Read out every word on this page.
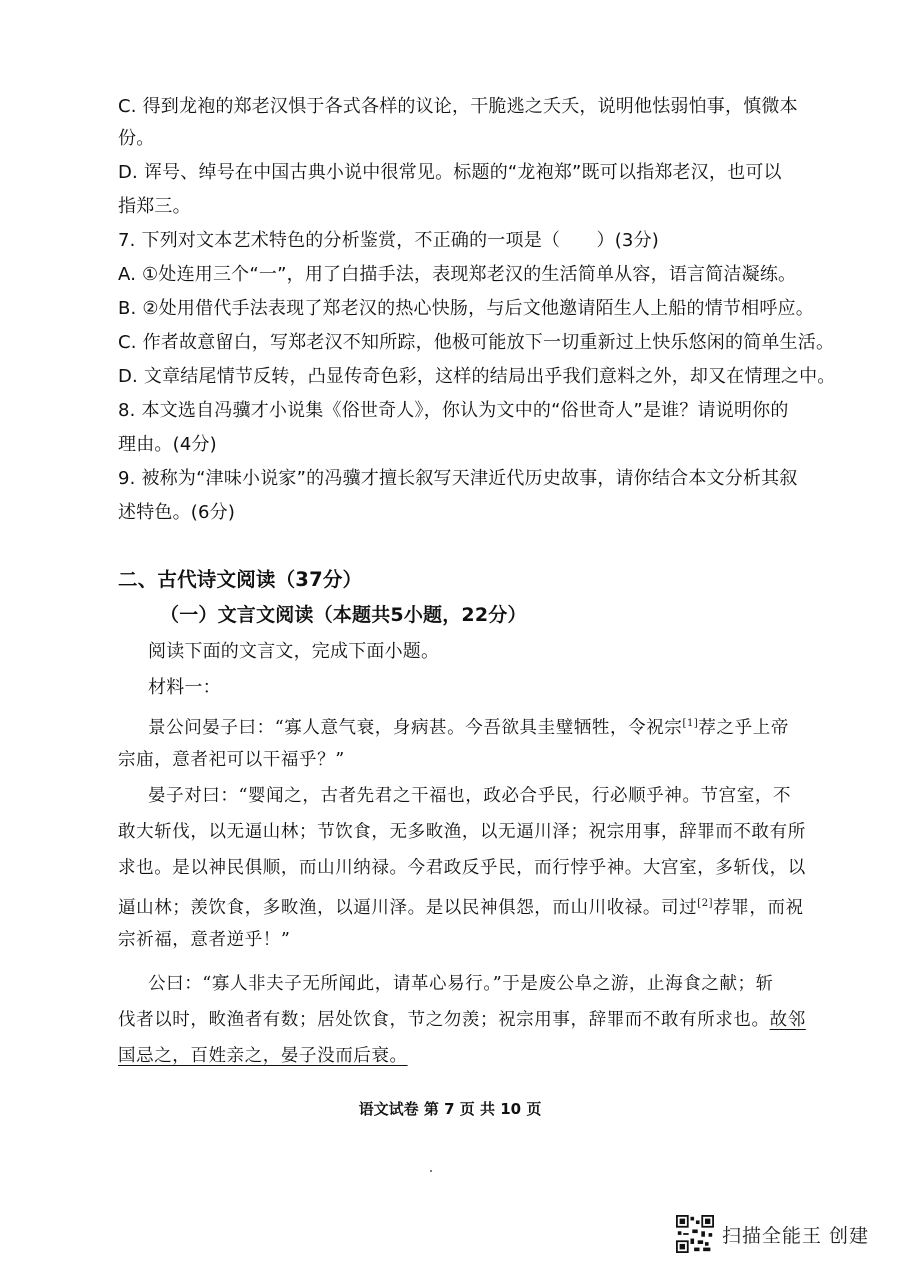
C. 得到龙袍的郑老汉惧于各式各样的议论，干脆逃之夭夭，说明他怯弱怕事，慎微本
份。
D. 诨号、绰号在中国古典小说中很常见。标题的“龙袍郑”既可以指郑老汉，也可以
指郑三。
7. 下列对文本艺术特色的分析鉴赏，不正确的一项是（　　）(3分)
A. ①处连用三个“一”，用了白描手法，表现郑老汉的生活简单从容，语言简洁凝练。
B. ②处用借代手法表现了郑老汉的热心快肠，与后文他邀请陌生人上船的情节相呼应。
C. 作者故意留白，写郑老汉不知所踪，他极可能放下一切重新过上快乐悠闲的简单生活。
D. 文章结尾情节反转，凸显传奇色彩，这样的结局出乎我们意料之外，却又在情理之中。
8. 本文选自冯骥才小说集《俗世奇人》，你认为文中的“俗世奇人”是谁？请说明你的
理由。(4分)
9. 被称为“津味小说家”的冯骥才擅长叙写天津近代历史故事，请你结合本文分析其叙
述特色。(6分)
二、古代诗文阅读（37分）
（一）文言文阅读（本题共5小题，22分）
阅读下面的文言文，完成下面小题。
材料一：
景公问晏子曰：“寡人意气衰，身病甚。今吾欲具圭璧牺牲，令祝宗[1]荐之乎上帝
宗庙，意者祀可以干福乎？”
晏子对曰：“婴闻之，古者先君之干福也，政必合乎民，行必顺乎神。节宫室，不
敢大斩伐，以无逼山林；节饮食，无多畋渔，以无逼川泽；祝宗用事，辞罪而不敢有所
求也。是以神民俱顺，而山川纳禄。今君政反乎民，而行悖乎神。大宫室，多斩伐，以
逼山林；羡饮食，多畋渔，以逼川泽。是以民神俱怨，而山川收禄。司过[2]荐罪，而祝
宗祈福，意者逆乎！”
公曰：“寡人非夫子无所闻此，请革心易行。”于是废公阜之游，止海食之献；斩
伐者以时，畋渔者有数；居处饮食，节之勿羡；祝宗用事，辞罪而不敢有所求也。故邻
国忌之，百姓亲之，晏子没而后衰。
语文试卷 第 7 页 共 10 页
扫描全能王 创建
